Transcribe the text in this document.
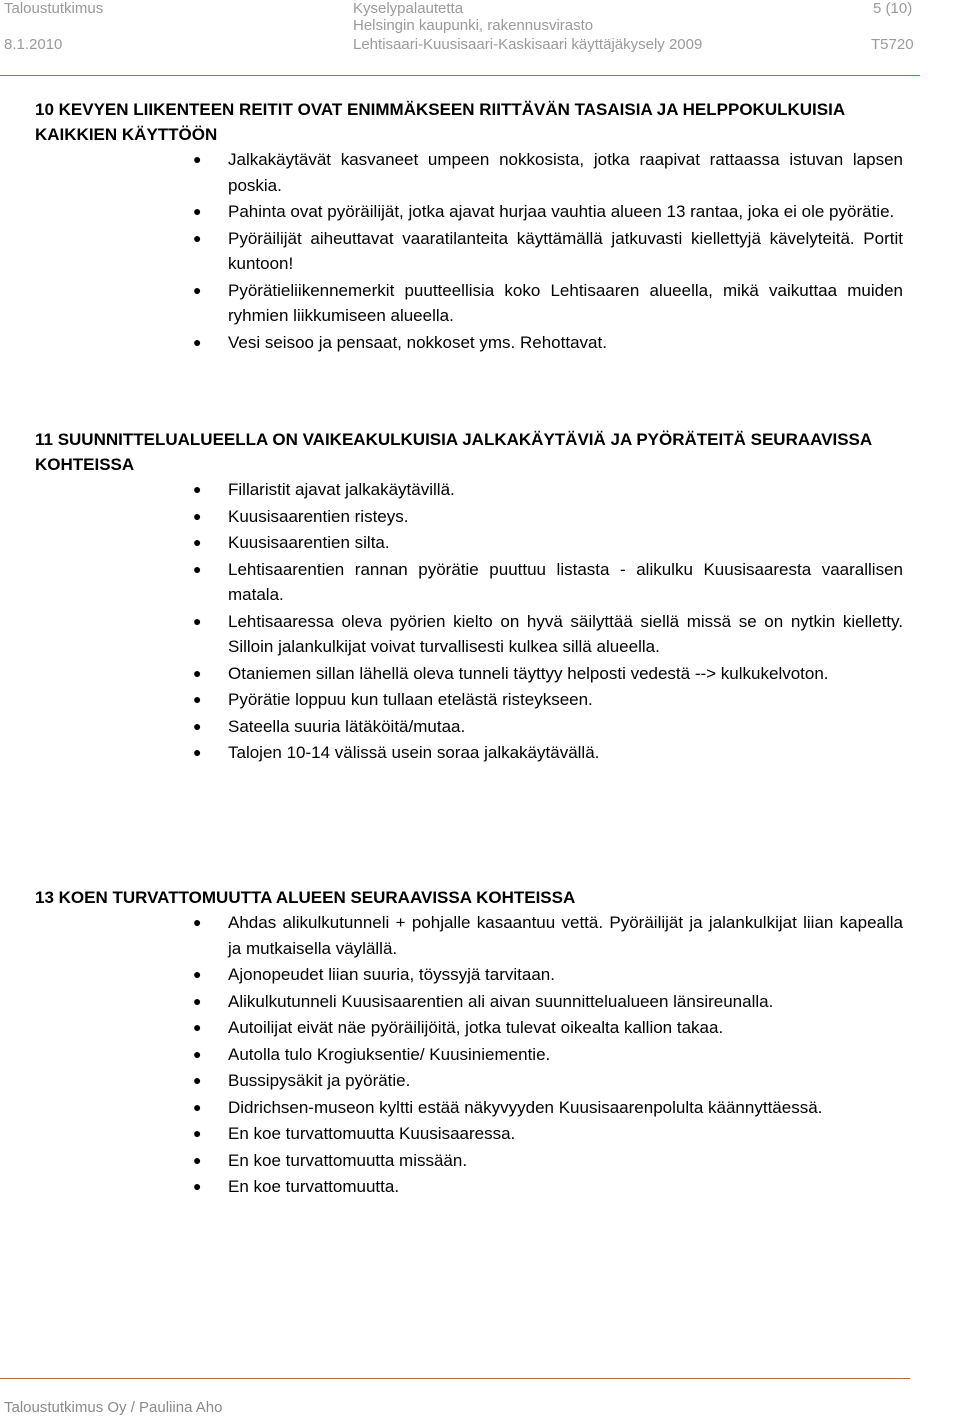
Taloustutkimus
8.1.2010
Kyselypalautetta
Helsingin kaupunki, rakennusvirasto
Lehtisaari-Kuusisaari-Kaskisaari käyttäjäkysely 2009
5 (10)
T5720

10 KEVYEN LIIKENTEEN REITIT OVAT ENIMMÄKSEEN RIITTÄVÄN TASAISIA JA HELPPOKULKUISIA KAIKKIEN KÄYTTÖÖN

● Jalkakäytävät kasvaneet umpeen nokkosista, jotka raapivat rattaassa istuvan lapsen poskia.
● Pahinta ovat pyöräilijät, jotka ajavat hurjaa vauhtia alueen 13 rantaa, joka ei ole pyörätie.
● Pyöräilijät aiheuttavat vaaratilanteita käyttämällä jatkuvasti kiellettyjä kävelyteitä. Portit kuntoon!
● Pyörätieliikennemerkit puutteellisia koko Lehtisaaren alueella, mikä vaikuttaa muiden ryhmien liikkumiseen alueella.
● Vesi seisoo ja pensaat, nokkoset yms. Rehottavat.

11 SUUNNITTELUALUEELLA ON VAIKEAKULKUISIA JALKAKÄYTÄVIÄ JA PYÖRÄTEITÄ SEURAAVISSA KOHTEISSA

● Fillaristit ajavat jalkakäytävillä.
● Kuusisaarentien risteys.
● Kuusisaarentien silta.
● Lehtisaarentien rannan pyörätie puuttuu listasta - alikulku Kuusisaaresta vaarallisen matala.
● Lehtisaaressa oleva pyörien kielto on hyvä säilyttää siellä missä se on nytkin kielletty. Silloin jalankulkijat voivat turvallisesti kulkea sillä alueella.
● Otaniemen sillan lähellä oleva tunneli täyttyy helposti vedestä --> kulkukelvoton.
● Pyörätie loppuu kun tullaan etelästä risteykseen.
● Sateella suuria lätäköitä/mutaa.
● Talojen 10-14 välissä usein soraa jalkakäytävällä.

13 KOEN TURVATTOMUUTTA ALUEEN SEURAAVISSA KOHTEISSA

● Ahdas alikulkutunneli + pohjalle kasaantuu vettä. Pyöräilijät ja jalankulkijat liian kapealla ja mutkaisella väylällä.
● Ajonopeudet liian suuria, töyssyjä tarvitaan.
● Alikulkutunneli Kuusisaarentien ali aivan suunnittelualueen länsireunalla.
● Autoilijat eivät näe pyöräilijöitä, jotka tulevat oikealta kallion takaa.
● Autolla tulo Krogiuksentie/ Kuusiniementie.
● Bussipysäkit ja pyörätie.
● Didrichsen-museon kyltti estää näkyvyyden Kuusisaarenpolulta käännyttäessä.
● En koe turvattomuutta Kuusisaaressa.
● En koe turvattomuutta missään.
● En koe turvattomuutta.
Taloustutkimus Oy / Pauliina Aho
